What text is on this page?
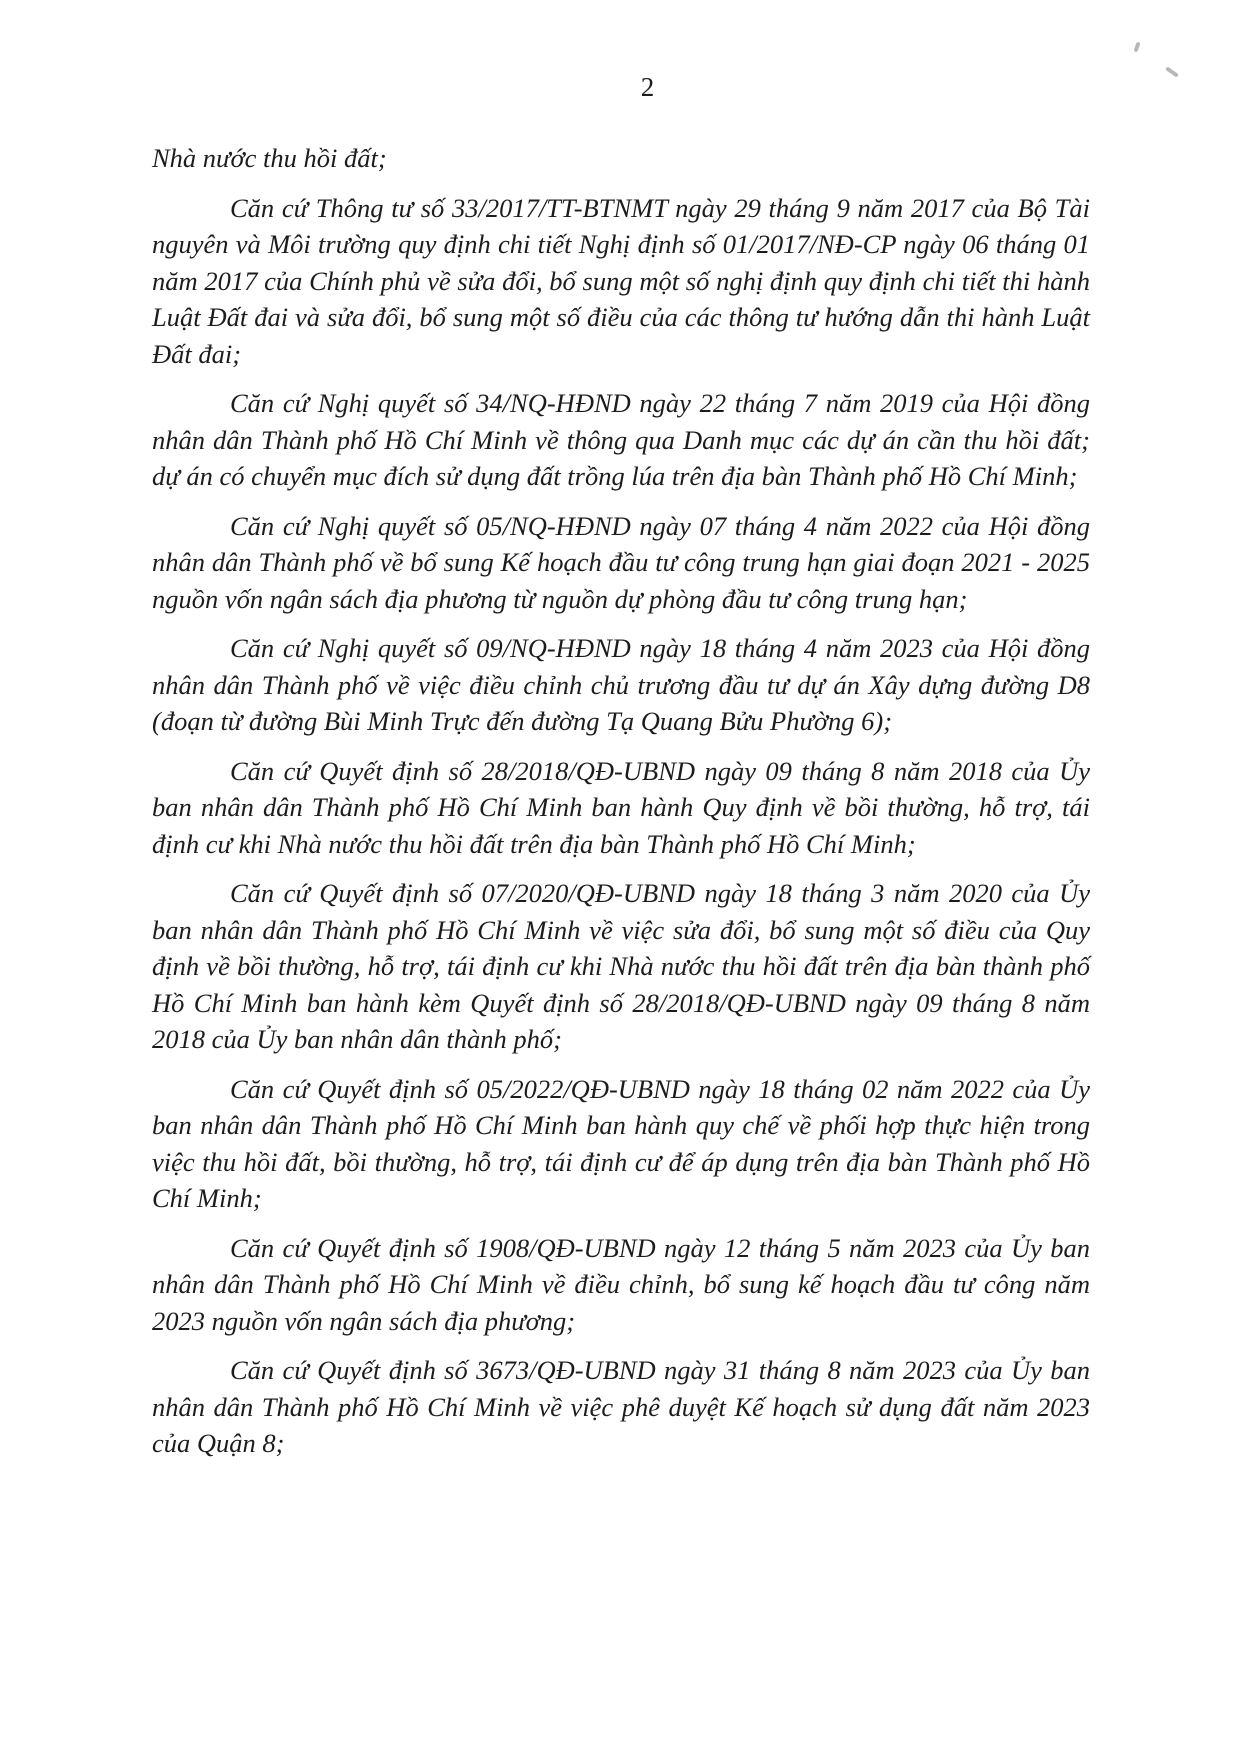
2

Nhà nước thu hồi đất;

Căn cứ Thông tư số 33/2017/TT-BTNMT ngày 29 tháng 9 năm 2017 của Bộ Tài nguyên và Môi trường quy định chi tiết Nghị định số 01/2017/NĐ-CP ngày 06 tháng 01 năm 2017 của Chính phủ về sửa đổi, bổ sung một số nghị định quy định chi tiết thi hành Luật Đất đai và sửa đổi, bổ sung một số điều của các thông tư hướng dẫn thi hành Luật Đất đai;

Căn cứ Nghị quyết số 34/NQ-HĐND ngày 22 tháng 7 năm 2019 của Hội đồng nhân dân Thành phố Hồ Chí Minh về thông qua Danh mục các dự án cần thu hồi đất; dự án có chuyển mục đích sử dụng đất trồng lúa trên địa bàn Thành phố Hồ Chí Minh;

Căn cứ Nghị quyết số 05/NQ-HĐND ngày 07 tháng 4 năm 2022 của Hội đồng nhân dân Thành phố về bổ sung Kế hoạch đầu tư công trung hạn giai đoạn 2021 - 2025 nguồn vốn ngân sách địa phương từ nguồn dự phòng đầu tư công trung hạn;

Căn cứ Nghị quyết số 09/NQ-HĐND ngày 18 tháng 4 năm 2023 của Hội đồng nhân dân Thành phố về việc điều chỉnh chủ trương đầu tư dự án Xây dựng đường D8 (đoạn từ đường Bùi Minh Trực đến đường Tạ Quang Bửu Phường 6);

Căn cứ Quyết định số 28/2018/QĐ-UBND ngày 09 tháng 8 năm 2018 của Ủy ban nhân dân Thành phố Hồ Chí Minh ban hành Quy định về bồi thường, hỗ trợ, tái định cư khi Nhà nước thu hồi đất trên địa bàn Thành phố Hồ Chí Minh;

Căn cứ Quyết định số 07/2020/QĐ-UBND ngày 18 tháng 3 năm 2020 của Ủy ban nhân dân Thành phố Hồ Chí Minh về việc sửa đổi, bổ sung một số điều của Quy định về bồi thường, hỗ trợ, tái định cư khi Nhà nước thu hồi đất trên địa bàn thành phố Hồ Chí Minh ban hành kèm Quyết định số 28/2018/QĐ-UBND ngày 09 tháng 8 năm 2018 của Ủy ban nhân dân thành phố;

Căn cứ Quyết định số 05/2022/QĐ-UBND ngày 18 tháng 02 năm 2022 của Ủy ban nhân dân Thành phố Hồ Chí Minh ban hành quy chế về phối hợp thực hiện trong việc thu hồi đất, bồi thường, hỗ trợ, tái định cư để áp dụng trên địa bàn Thành phố Hồ Chí Minh;

Căn cứ Quyết định số 1908/QĐ-UBND ngày 12 tháng 5 năm 2023 của Ủy ban nhân dân Thành phố Hồ Chí Minh về điều chỉnh, bổ sung kế hoạch đầu tư công năm 2023 nguồn vốn ngân sách địa phương;

Căn cứ Quyết định số 3673/QĐ-UBND ngày 31 tháng 8 năm 2023 của Ủy ban nhân dân Thành phố Hồ Chí Minh về việc phê duyệt Kế hoạch sử dụng đất năm 2023 của Quận 8;
